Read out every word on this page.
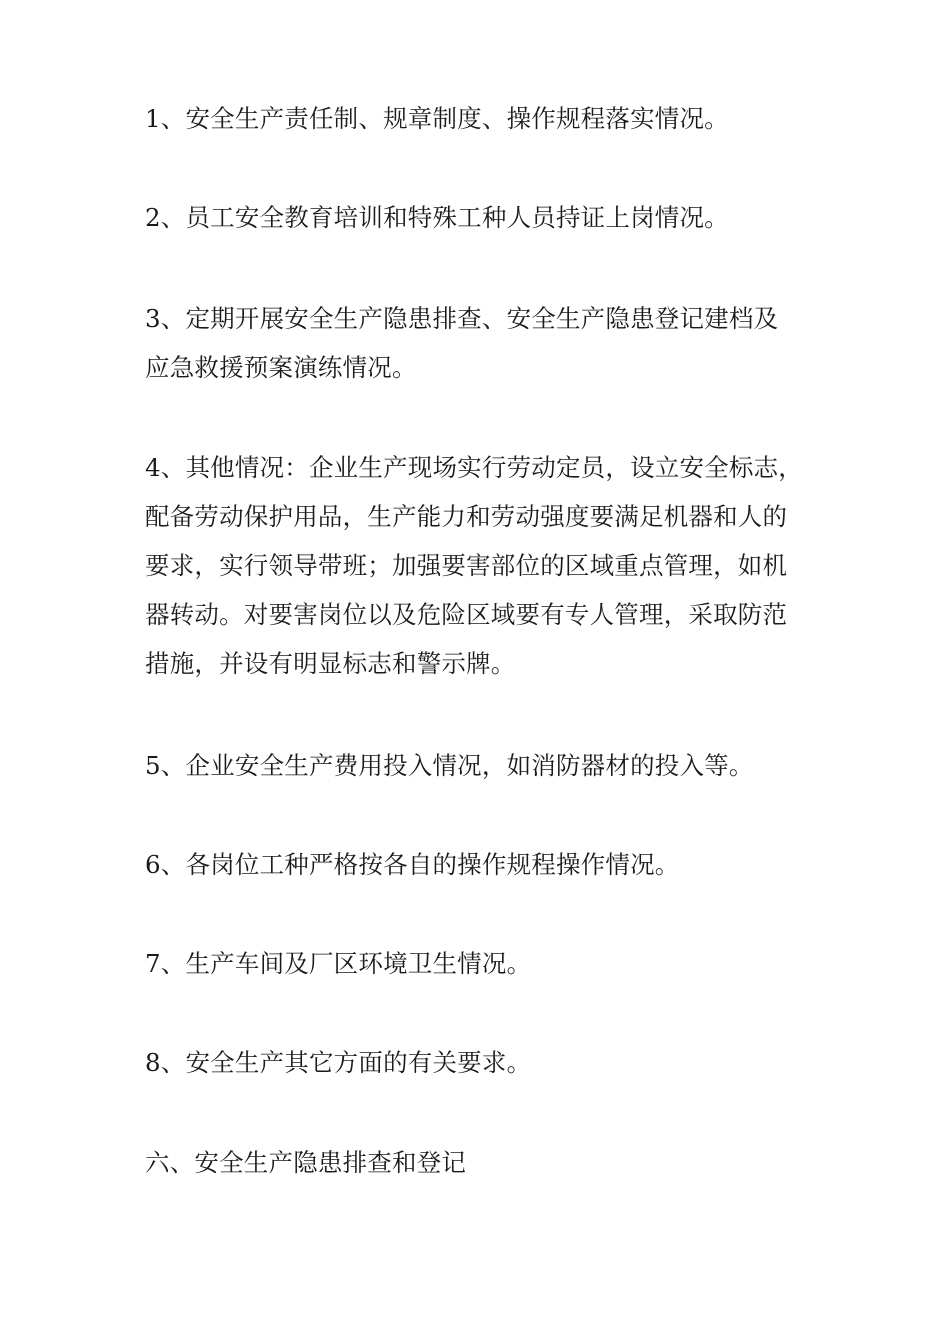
1、安全生产责任制、规章制度、操作规程落实情况。

2、员工安全教育培训和特殊工种人员持证上岗情况。

3、定期开展安全生产隐患排查、安全生产隐患登记建档及
应急救援预案演练情况。

4、其他情况：企业生产现场实行劳动定员，设立安全标志，
配备劳动保护用品，生产能力和劳动强度要满足机器和人的
要求，实行领导带班；加强要害部位的区域重点管理，如机
器转动。对要害岗位以及危险区域要有专人管理，采取防范
措施，并设有明显标志和警示牌。

5、企业安全生产费用投入情况，如消防器材的投入等。

6、各岗位工种严格按各自的操作规程操作情况。

7、生产车间及厂区环境卫生情况。

8、安全生产其它方面的有关要求。

六、安全生产隐患排查和登记
